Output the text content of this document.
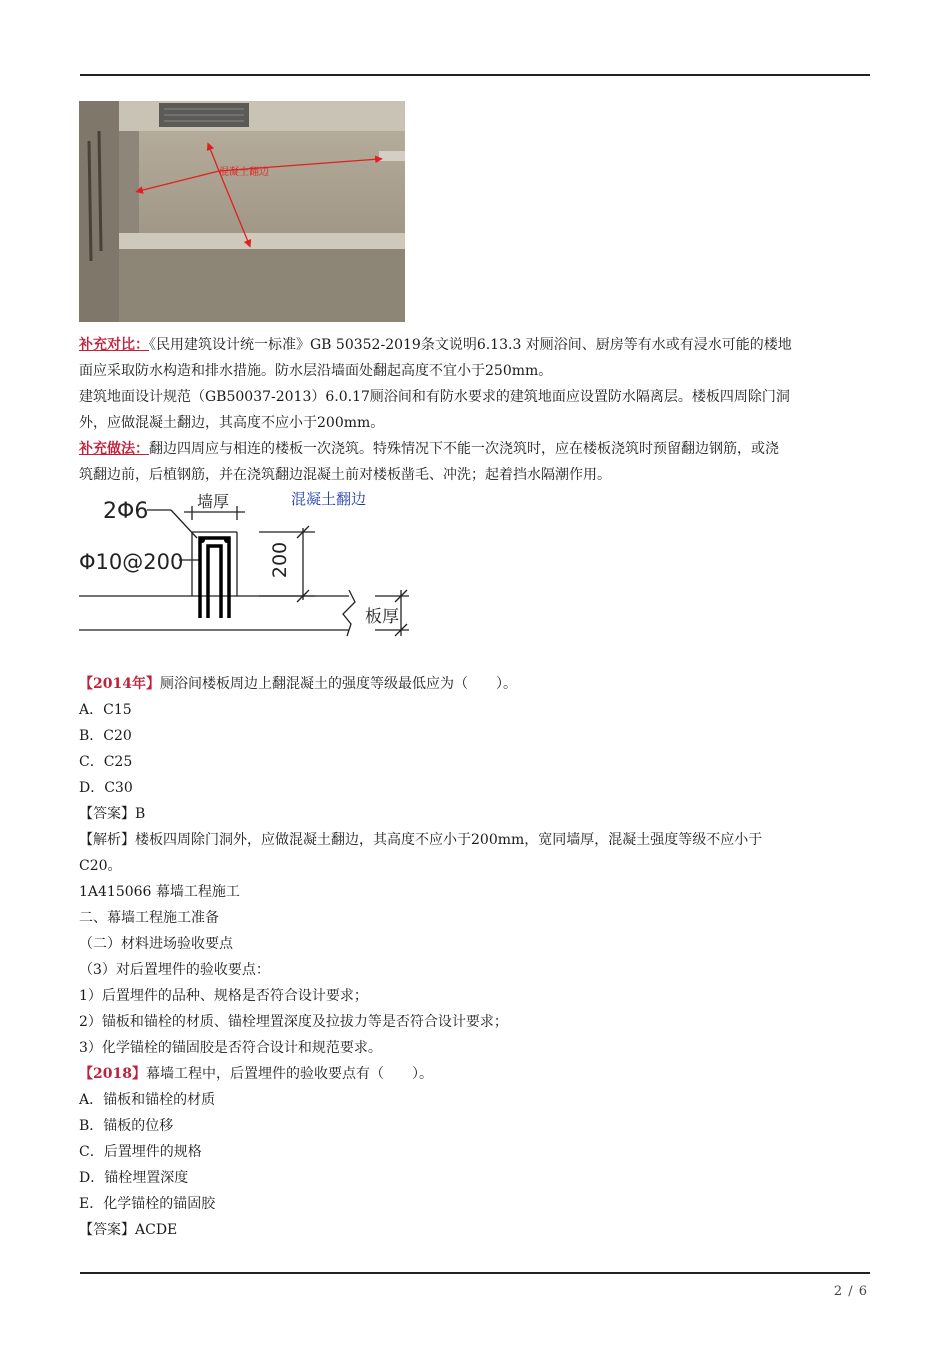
混凝土翻边

补充对比：《民用建筑设计统一标准》GB 50352-2019条文说明6.13.3 对厕浴间、厨房等有水或有浸水可能的楼地

面应采取防水构造和排水措施。防水层沿墙面处翻起高度不宜小于250mm。

建筑地面设计规范（GB50037-2013）6.0.17厕浴间和有防水要求的建筑地面应设置防水隔离层。楼板四周除门洞

外，应做混凝土翻边，其高度不应小于200mm。

补充做法：翻边四周应与相连的楼板一次浇筑。特殊情况下不能一次浇筑时，应在楼板浇筑时预留翻边钢筋，或浇

筑翻边前，后植钢筋，并在浇筑翻边混凝土前对楼板凿毛、冲洗；起着挡水隔潮作用。

2Φ6
Φ10@200
墙厚
200
板厚
混凝土翻边

【2014年】厕浴间楼板周边上翻混凝土的强度等级最低应为（　　）。

A．C15

B．C20

C．C25

D．C30

【答案】B

【解析】楼板四周除门洞外，应做混凝土翻边，其高度不应小于200mm，宽同墙厚，混凝土强度等级不应小于

C20。

1A415066 幕墙工程施工

二、幕墙工程施工准备

（二）材料进场验收要点

（3）对后置埋件的验收要点：

1）后置埋件的品种、规格是否符合设计要求；

2）锚板和锚栓的材质、锚栓埋置深度及拉拔力等是否符合设计要求；

3）化学锚栓的锚固胶是否符合设计和规范要求。

【2018】幕墙工程中，后置埋件的验收要点有（　　）。

A．锚板和锚栓的材质

B．锚板的位移

C．后置埋件的规格

D．锚栓埋置深度

E．化学锚栓的锚固胶

【答案】ACDE

2 / 6
